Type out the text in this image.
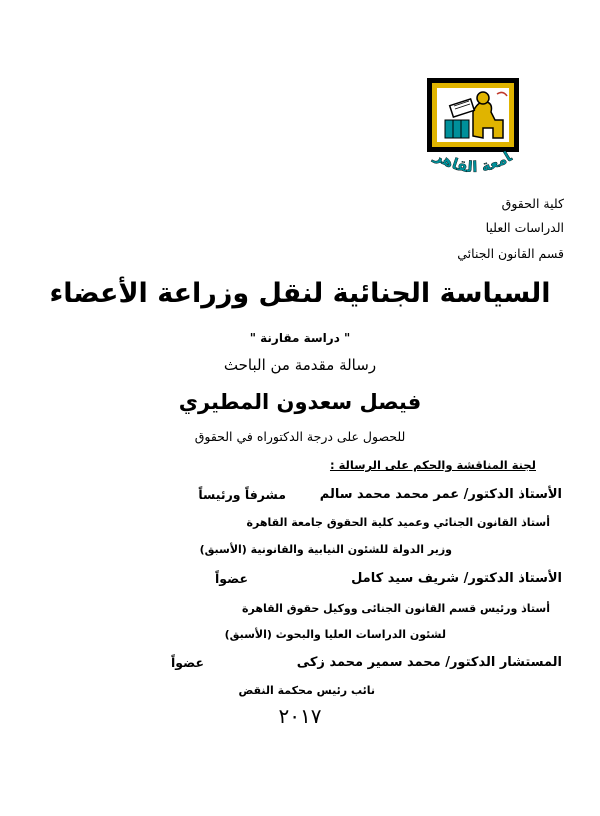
امعة القاهر
كلية الحقوق
الدراسات العليا
قسم القانون الجنائي
السياسة الجنائية لنقل وزراعة الأعضاء
" دراسة مقارنة "
رسالة مقدمة من الباحث
فيصل سعدون المطيري
للحصول على درجة الدكتوراه في الحقوق
لجنة المناقشة والحكم على الرسالة :
الأستاذ الدكتور/ عمر محمد محمد سالم
مشرفاً ورئيساً
أستاذ القانون الجنائي وعميد كلية الحقوق جامعة القاهرة
وزير الدولة للشئون النيابية والقانونية (الأسبق)
الأستاذ الدكتور/ شريف سيد كامل
عضواً
أستاذ ورئيس قسم القانون الجنائى ووكيل حقوق القاهرة
لشئون الدراسات العليا والبحوث (الأسبق)
المستشار الدكتور/ محمد سمير محمد زكى
عضواً
نائب رئيس محكمة النقض
٢٠١٧
